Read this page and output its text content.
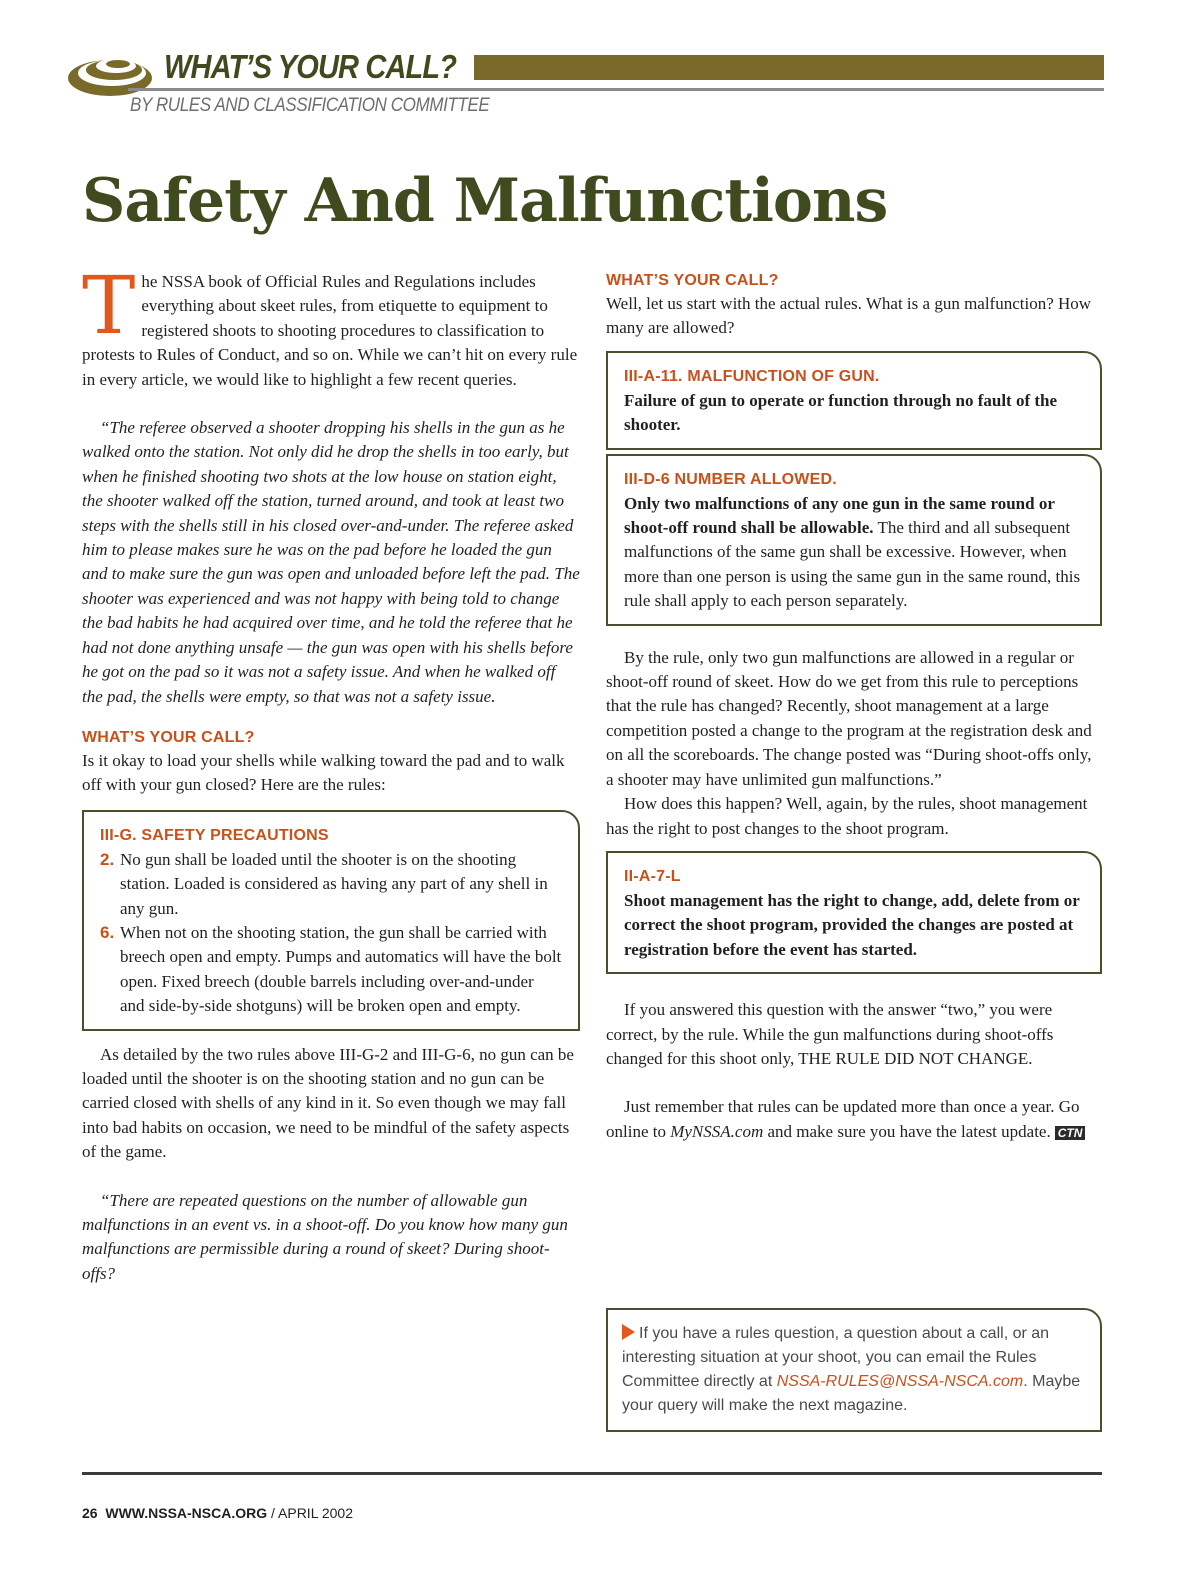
WHAT’S YOUR CALL?
BY RULES AND CLASSIFICATION COMMITTEE
Safety And Malfunctions

The NSSA book of Official Rules and Regulations includes everything about skeet rules, from etiquette to equipment to registered shoots to shooting procedures to classification to protests to Rules of Conduct, and so on. While we can’t hit on every rule in every article, we would like to highlight a few recent queries.

“The referee observed a shooter dropping his shells in the gun as he walked onto the station. Not only did he drop the shells in too early, but when he finished shooting two shots at the low house on station eight, the shooter walked off the station, turned around, and took at least two steps with the shells still in his closed over-and-under. The referee asked him to please makes sure he was on the pad before he loaded the gun and to make sure the gun was open and unloaded before left the pad. The shooter was experienced and was not happy with being told to change the bad habits he had acquired over time, and he told the referee that he had not done anything unsafe — the gun was open with his shells before he got on the pad so it was not a safety issue. And when he walked off the pad, the shells were empty, so that was not a safety issue.

WHAT’S YOUR CALL?

Is it okay to load your shells while walking toward the pad and to walk off with your gun closed? Here are the rules:

III-G. SAFETY PRECAUTIONS
2. No gun shall be loaded until the shooter is on the shooting station. Loaded is considered as having any part of any shell in any gun.
6. When not on the shooting station, the gun shall be carried with breech open and empty. Pumps and automatics will have the bolt open. Fixed breech (double barrels including over-and-under and side-by-side shotguns) will be broken open and empty.

As detailed by the two rules above III-G-2 and III-G-6, no gun can be loaded until the shooter is on the shooting station and no gun can be carried closed with shells of any kind in it. So even though we may fall into bad habits on occasion, we need to be mindful of the safety aspects of the game.

“There are repeated questions on the number of allowable gun malfunctions in an event vs. in a shoot-off. Do you know how many gun malfunctions are permissible during a round of skeet? During shoot-offs?

WHAT’S YOUR CALL?

Well, let us start with the actual rules. What is a gun malfunction? How many are allowed?

III-A-11. MALFUNCTION OF GUN.

Failure of gun to operate or function through no fault of the shooter.

III-D-6 NUMBER ALLOWED.

Only two malfunctions of any one gun in the same round or shoot-off round shall be allowable. The third and all subsequent malfunctions of the same gun shall be excessive. However, when more than one person is using the same gun in the same round, this rule shall apply to each person separately.

By the rule, only two gun malfunctions are allowed in a regular or shoot-off round of skeet. How do we get from this rule to perceptions that the rule has changed? Recently, shoot management at a large competition posted a change to the program at the registration desk and on all the scoreboards. The change posted was “During shoot-offs only, a shooter may have unlimited gun malfunctions.”

How does this happen? Well, again, by the rules, shoot management has the right to post changes to the shoot program.

II-A-7-L

Shoot management has the right to change, add, delete from or correct the shoot program, provided the changes are posted at registration before the event has started.

If you answered this question with the answer “two,” you were correct, by the rule. While the gun malfunctions during shoot-offs changed for this shoot only, THE RULE DID NOT CHANGE.

Just remember that rules can be updated more than once a year. Go online to MyNSSA.com and make sure you have the latest update. CTN

If you have a rules question, a question about a call, or an interesting situation at your shoot, you can email the Rules Committee directly at NSSA-RULES@NSSA-NSCA.com. Maybe your query will make the next magazine.
26 WWW.NSSA-NSCA.ORG / APRIL 2002
